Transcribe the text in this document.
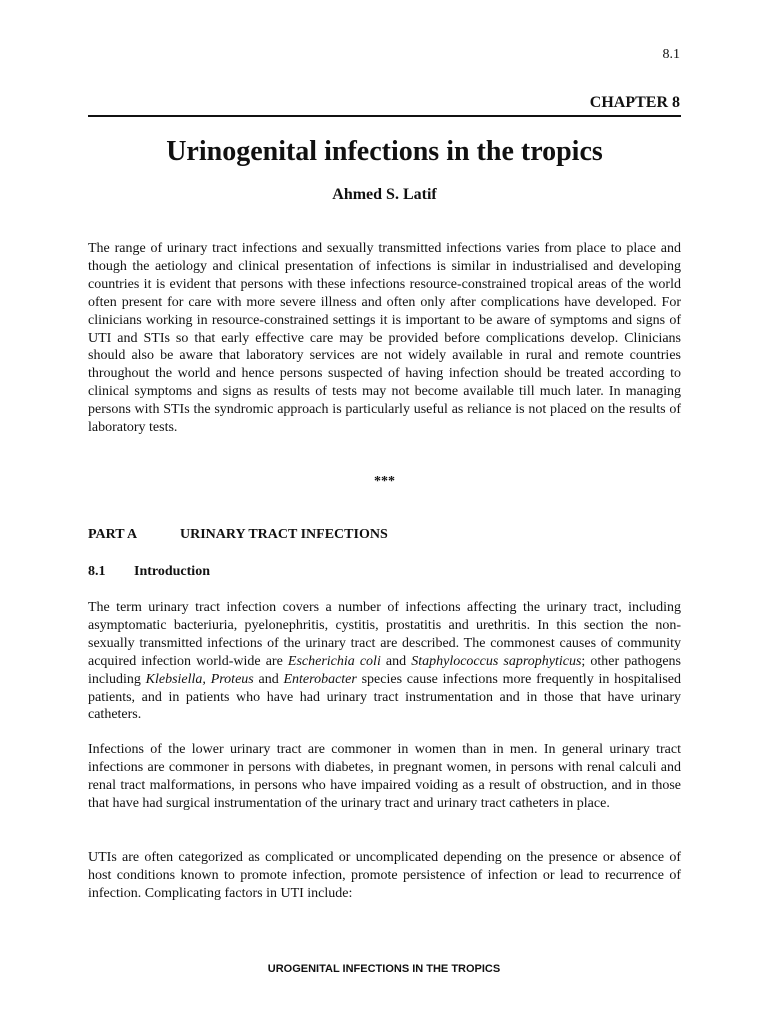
8.1
CHAPTER 8
Urinogenital infections in the tropics
Ahmed S. Latif

The range of urinary tract infections and sexually transmitted infections varies from place to place and though the aetiology and clinical presentation of infections is similar in industrialised and developing countries it is evident that persons with these infections resource-constrained tropical areas of the world often present for care with more severe illness and often only after complications have developed. For clinicians working in resource-constrained settings it is important to be aware of symptoms and signs of UTI and STIs so that early effective care may be provided before complications develop. Clinicians should also be aware that laboratory services are not widely available in rural and remote countries throughout the world and hence persons suspected of having infection should be treated according to clinical symptoms and signs as results of tests may not become available till much later. In managing persons with STIs the syndromic approach is particularly useful as reliance is not placed on the results of laboratory tests.

***
PART A	URINARY TRACT INFECTIONS
8.1 Introduction

The term urinary tract infection covers a number of infections affecting the urinary tract, including asymptomatic bacteriuria, pyelonephritis, cystitis, prostatitis and urethritis. In this section the non-sexually transmitted infections of the urinary tract are described. The commonest causes of community acquired infection world-wide are Escherichia coli and Staphylococcus saprophyticus; other pathogens including Klebsiella, Proteus and Enterobacter species cause infections more frequently in hospitalised patients, and in patients who have had urinary tract instrumentation and in those that have urinary catheters.

Infections of the lower urinary tract are commoner in women than in men. In general urinary tract infections are commoner in persons with diabetes, in pregnant women, in persons with renal calculi and renal tract malformations, in persons who have impaired voiding as a result of obstruction, and in those that have had surgical instrumentation of the urinary tract and urinary tract catheters in place.

UTIs are often categorized as complicated or uncomplicated depending on the presence or absence of host conditions known to promote infection, promote persistence of infection or lead to recurrence of infection. Complicating factors in UTI include:

UROGENITAL INFECTIONS IN THE TROPICS
